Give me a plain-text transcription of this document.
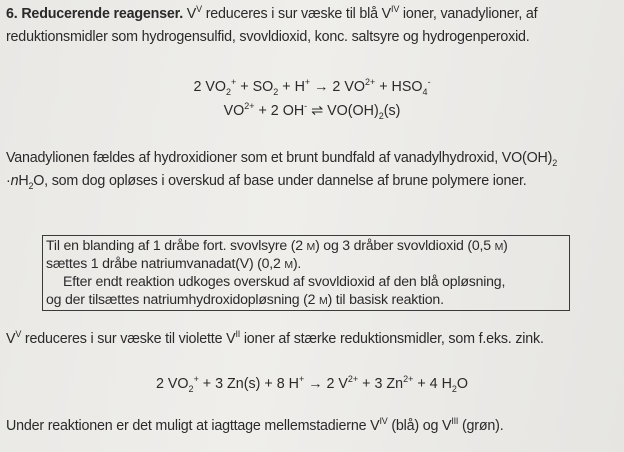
6. Reducerende reagenser. $V^V$ reduceres i sur væske til blå $V^{IV}$ ioner, vanadylioner, af
reduktionsmidler som hydrogensulfid, svovldioxid, konc. saltsyre og hydrogenperoxid.
2 $VO_2^+ + SO_2 + H^+ \to 2$ $VO^{2+} + HSO_4^-$
$VO^{2+} + 2$ OH- ⇌ $VO(OH)_2(s)$
Vanadylionen fældes af hydroxidioner som et brunt bundfald af vanadylhydroxid, $VO(OH)_2$
$\cdot nH_2O$, som dog opløses i overskud af base under dannelse af brune polymere ioner.
Til en blanding af 1 dråbe fort. svovlsyre (2 M) og 3 dråber svovldioxid (0,5 M)
sættes 1 dråbe natriumvanadat(V) (0,2 M).
Efter endt reaktion udkoges overskud af svovldioxid af den blå opløsning,
og der tilsættes natriumhydroxidopløsning (2 M) til basisk reaktion.
$V^V$ reduceres i sur væske til violette $V^{II}$ ioner af stærke reduktionsmidler, som f.eks. zink.
2 $VO_2^+ + 3$ Zn(s) + 8 H+ → 2 $V^{2+} + 3$ $Zn^{2+} + 4$ $H_2O$
Under reaktionen er det muligt at iagttage mellemstadierne $V^{IV}$ (blå) og $V^{III}$ (grøn).
